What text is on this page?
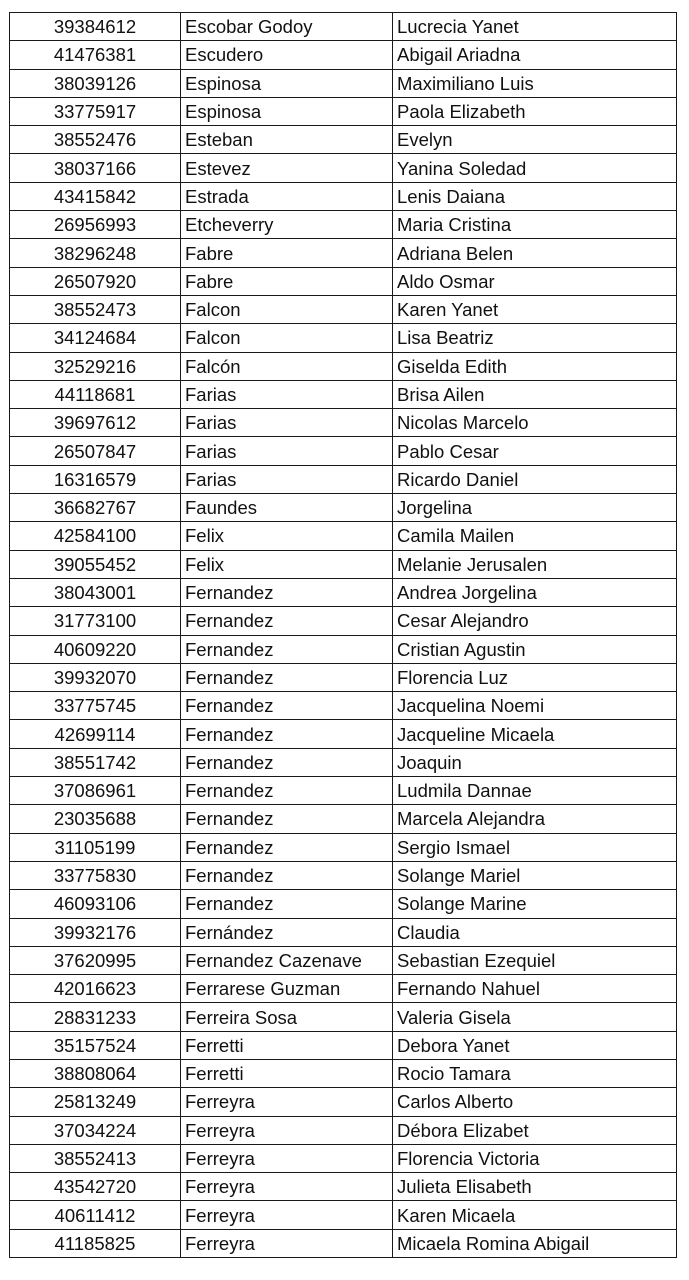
39384612	Escobar Godoy	Lucrecia Yanet
41476381	Escudero	Abigail Ariadna
38039126	Espinosa	Maximiliano Luis
33775917	Espinosa	Paola Elizabeth
38552476	Esteban	Evelyn
38037166	Estevez	Yanina Soledad
43415842	Estrada	Lenis Daiana
26956993	Etcheverry	Maria Cristina
38296248	Fabre	Adriana Belen
26507920	Fabre	Aldo Osmar
38552473	Falcon	Karen Yanet
34124684	Falcon	Lisa Beatriz
32529216	Falcón	Giselda Edith
44118681	Farias	Brisa Ailen
39697612	Farias	Nicolas Marcelo
26507847	Farias	Pablo Cesar
16316579	Farias	Ricardo Daniel
36682767	Faundes	Jorgelina
42584100	Felix	Camila Mailen
39055452	Felix	Melanie Jerusalen
38043001	Fernandez	Andrea Jorgelina
31773100	Fernandez	Cesar Alejandro
40609220	Fernandez	Cristian Agustin
39932070	Fernandez	Florencia Luz
33775745	Fernandez	Jacquelina Noemi
42699114	Fernandez	Jacqueline Micaela
38551742	Fernandez	Joaquin
37086961	Fernandez	Ludmila Dannae
23035688	Fernandez	Marcela Alejandra
31105199	Fernandez	Sergio Ismael
33775830	Fernandez	Solange Mariel
46093106	Fernandez	Solange Marine
39932176	Fernández	Claudia
37620995	Fernandez Cazenave	Sebastian Ezequiel
42016623	Ferrarese Guzman	Fernando Nahuel
28831233	Ferreira Sosa	Valeria Gisela
35157524	Ferretti	Debora Yanet
38808064	Ferretti	Rocio Tamara
25813249	Ferreyra	Carlos Alberto
37034224	Ferreyra	Débora Elizabet
38552413	Ferreyra	Florencia Victoria
43542720	Ferreyra	Julieta Elisabeth
40611412	Ferreyra	Karen Micaela
41185825	Ferreyra	Micaela Romina Abigail
